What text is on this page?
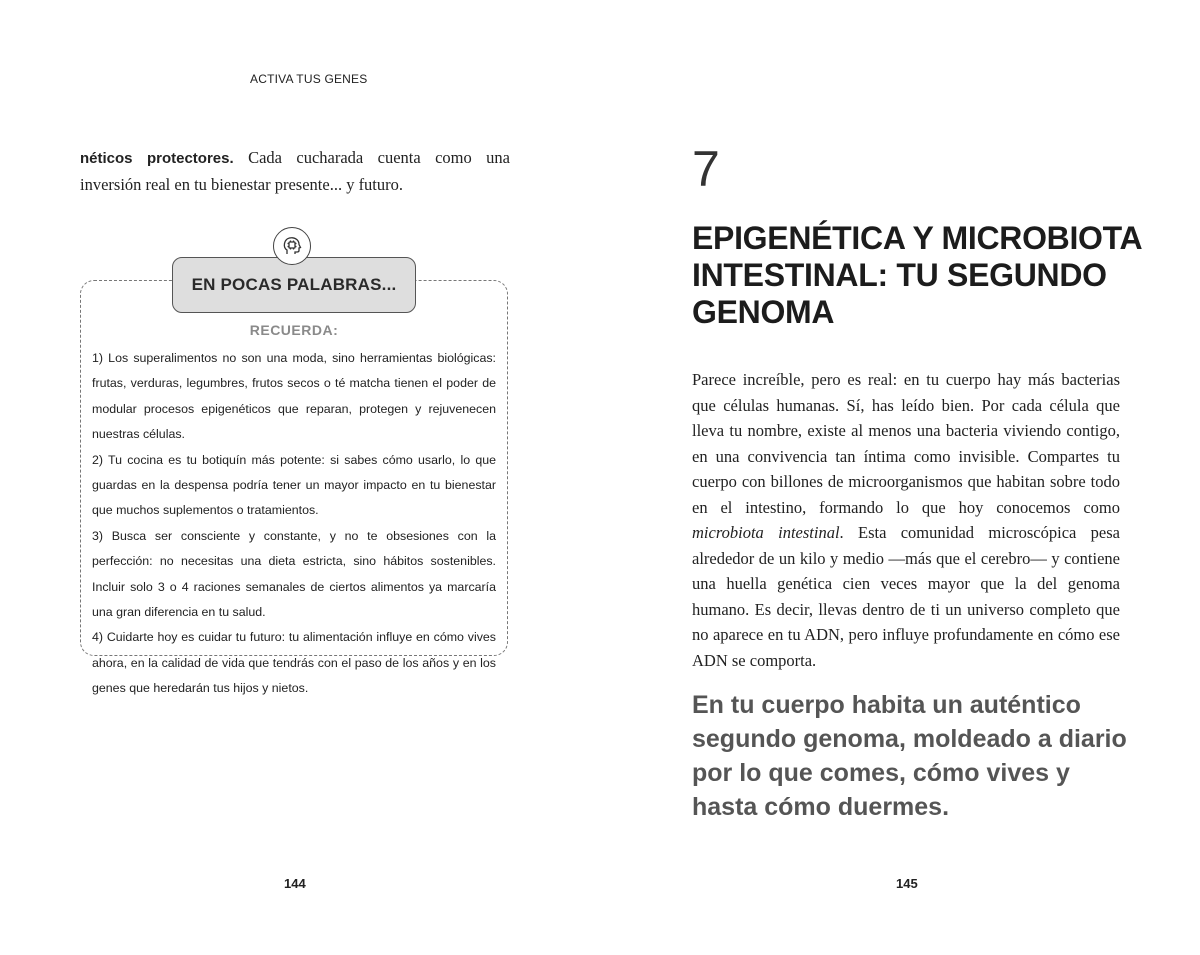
ACTIVA TUS GENES

néticos protectores. Cada cucharada cuenta como una inversión real en tu bienestar presente... y futuro.

EN POCAS PALABRAS...
RECUERDA:
1) Los superalimentos no son una moda, sino herramientas biológicas: frutas, verduras, legumbres, frutos secos o té matcha tienen el poder de modular procesos epigenéticos que reparan, protegen y rejuvenecen nuestras células.
2) Tu cocina es tu botiquín más potente: si sabes cómo usarlo, lo que guardas en la despensa podría tener un mayor impacto en tu bienestar que muchos suplementos o tratamientos.
3) Busca ser consciente y constante, y no te obsesiones con la perfección: no necesitas una dieta estricta, sino hábitos sostenibles. Incluir solo 3 o 4 raciones semanales de ciertos alimentos ya marcaría una gran diferencia en tu salud.
4) Cuidarte hoy es cuidar tu futuro: tu alimentación influye en cómo vives ahora, en la calidad de vida que tendrás con el paso de los años y en los genes que heredarán tus hijos y nietos.
144
7
EPIGENÉTICA Y MICROBIOTA INTESTINAL: TU SEGUNDO GENOMA

Parece increíble, pero es real: en tu cuerpo hay más bacterias que células humanas. Sí, has leído bien. Por cada célula que lleva tu nombre, existe al menos una bacteria viviendo contigo, en una convivencia tan íntima como invisible. Compartes tu cuerpo con billones de microorganismos que habitan sobre todo en el intestino, formando lo que hoy conocemos como microbiota intestinal. Esta comunidad microscópica pesa alrededor de un kilo y medio —más que el cerebro— y contiene una huella genética cien veces mayor que la del genoma humano. Es decir, llevas dentro de ti un universo completo que no aparece en tu ADN, pero influye profundamente en cómo ese ADN se comporta.

En tu cuerpo habita un auténtico segundo genoma, moldeado a diario por lo que comes, cómo vives y hasta cómo duermes.

145
